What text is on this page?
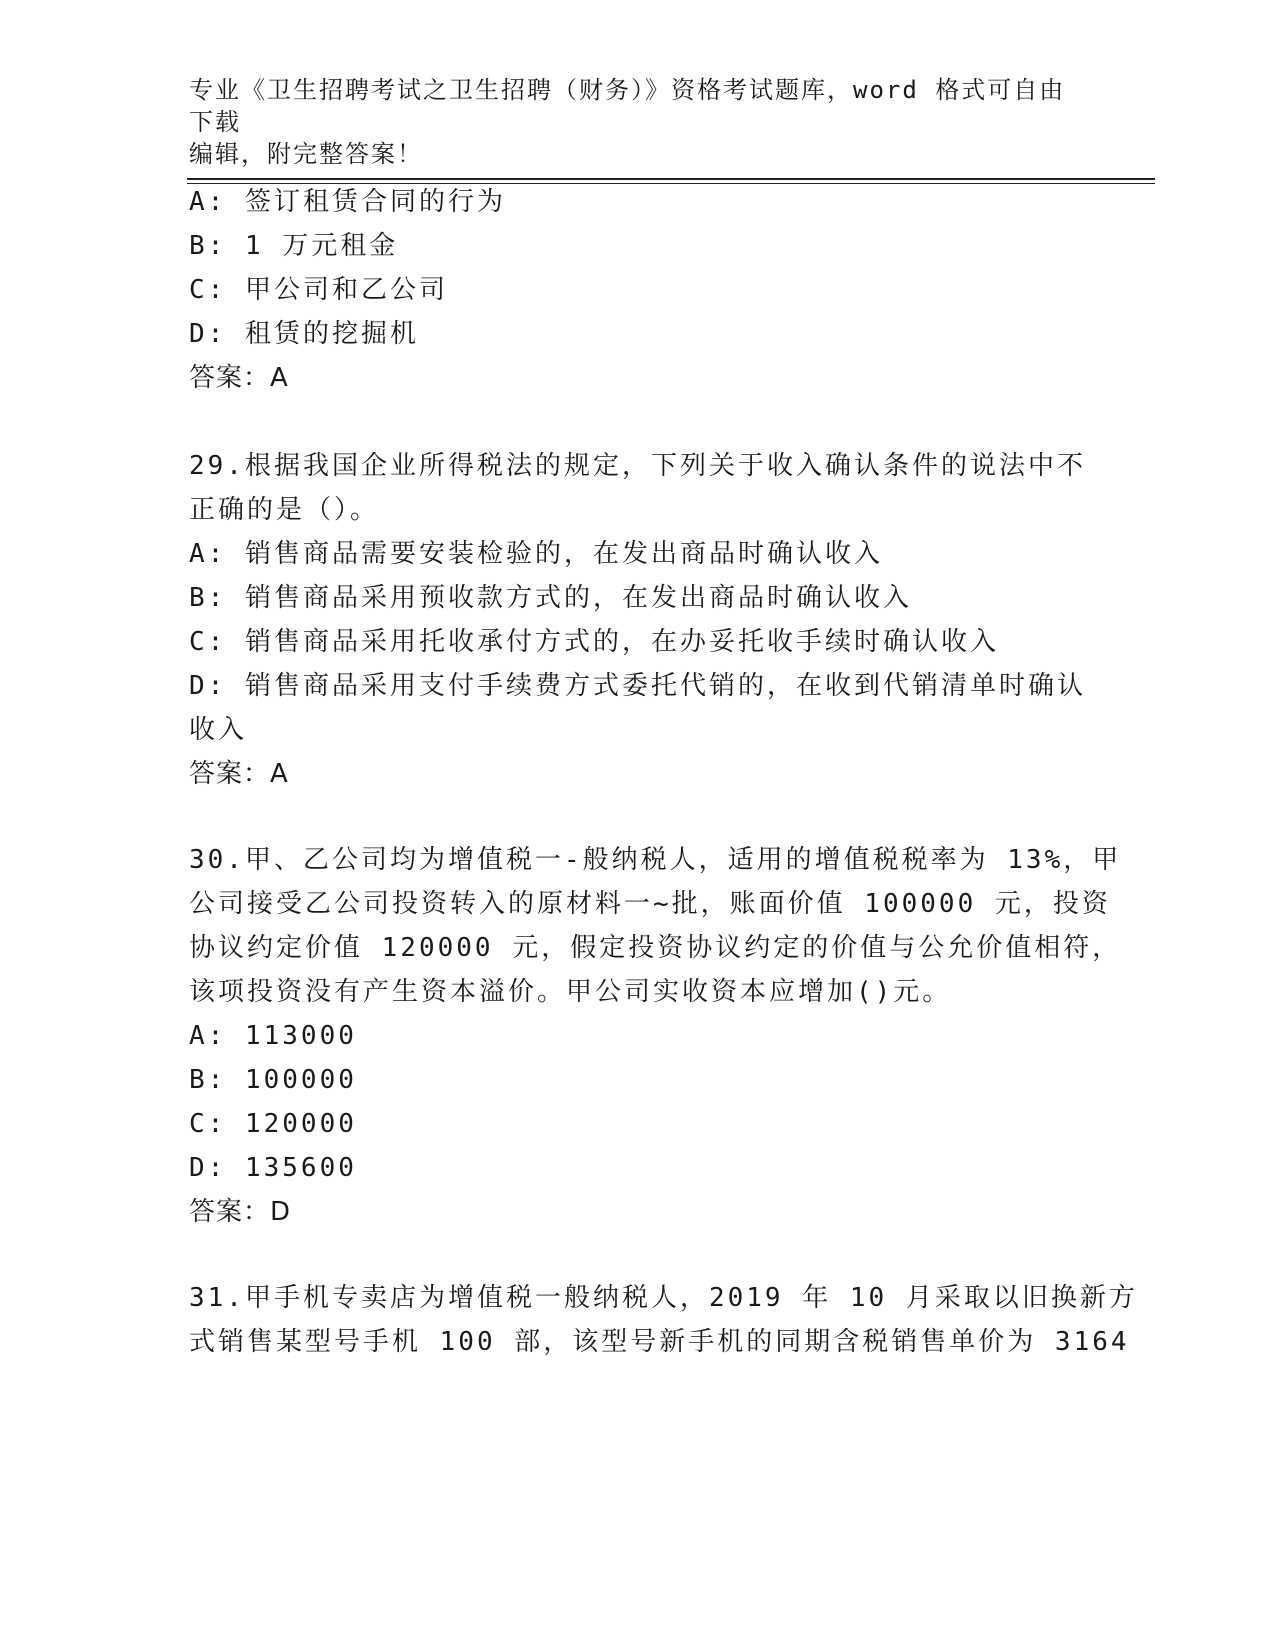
专业《卫生招聘考试之卫生招聘（财务）》资格考试题库，word 格式可自由下载
编辑，附完整答案！
A: 签订租赁合同的行为
B: 1 万元租金
C: 甲公司和乙公司
D: 租赁的挖掘机
答案：A
29.根据我国企业所得税法的规定，下列关于收入确认条件的说法中不
正确的是（）。
A: 销售商品需要安装检验的，在发出商品时确认收入
B: 销售商品采用预收款方式的，在发出商品时确认收入
C: 销售商品采用托收承付方式的，在办妥托收手续时确认收入
D: 销售商品采用支付手续费方式委托代销的，在收到代销清单时确认
收入
答案：A
30.甲、乙公司均为增值税一-般纳税人，适用的增值税税率为 13%，甲
公司接受乙公司投资转入的原材料一~批，账面价值 100000 元，投资
协议约定价值 120000 元，假定投资协议约定的价值与公允价值相符，
该项投资没有产生资本溢价。甲公司实收资本应增加()元。
A: 113000
B: 100000
C: 120000
D: 135600
答案：D
31.甲手机专卖店为增值税一般纳税人，2019 年 10 月采取以旧换新方
式销售某型号手机 100 部，该型号新手机的同期含税销售单价为 3164
